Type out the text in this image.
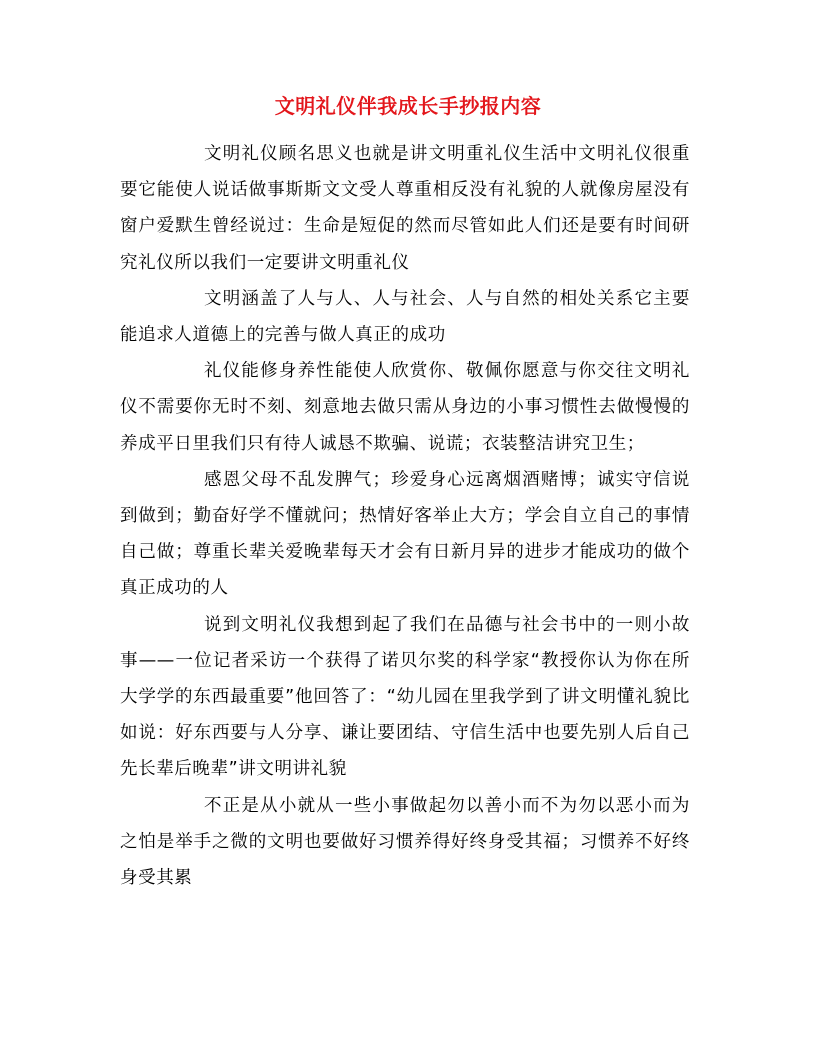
文明礼仪伴我成长手抄报内容

文明礼仪顾名思义也就是讲文明重礼仪生活中文明礼仪很重要它能使人说话做事斯斯文文受人尊重相反没有礼貌的人就像房屋没有窗户爱默生曾经说过：生命是短促的然而尽管如此人们还是要有时间研究礼仪所以我们一定要讲文明重礼仪

文明涵盖了人与人、人与社会、人与自然的相处关系它主要能追求人道德上的完善与做人真正的成功

礼仪能修身养性能使人欣赏你、敬佩你愿意与你交往文明礼仪不需要你无时不刻、刻意地去做只需从身边的小事习惯性去做慢慢的养成平日里我们只有待人诚恳不欺骗、说谎；衣装整洁讲究卫生；

感恩父母不乱发脾气；珍爱身心远离烟酒赌博；诚实守信说到做到；勤奋好学不懂就问；热情好客举止大方；学会自立自己的事情自己做；尊重长辈关爱晚辈每天才会有日新月异的进步才能成功的做个真正成功的人

说到文明礼仪我想到起了我们在品德与社会书中的一则小故事——一位记者采访一个获得了诺贝尔奖的科学家“教授你认为你在所大学学的东西最重要”他回答了：“幼儿园在里我学到了讲文明懂礼貌比如说：好东西要与人分享、谦让要团结、守信生活中也要先别人后自己先长辈后晚辈”讲文明讲礼貌

不正是从小就从一些小事做起勿以善小而不为勿以恶小而为之怕是举手之微的文明也要做好习惯养得好终身受其福；习惯养不好终身受其累
